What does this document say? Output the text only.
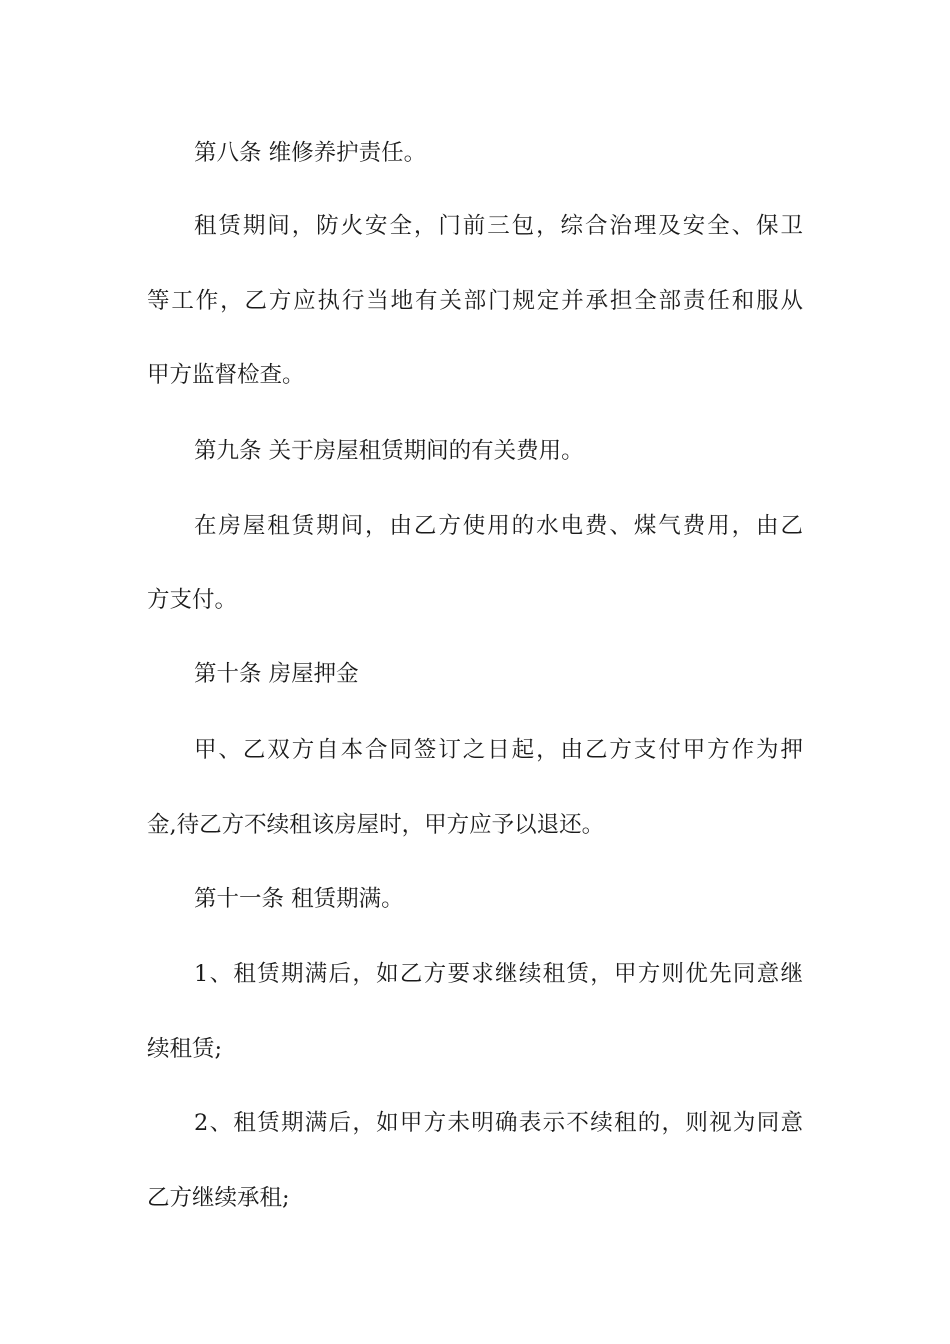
第八条 维修养护责任。
租赁期间，防火安全，门前三包，综合治理及安全、保卫
等工作，乙方应执行当地有关部门规定并承担全部责任和服从
甲方监督检查。
第九条 关于房屋租赁期间的有关费用。
在房屋租赁期间，由乙方使用的水电费、煤气费用，由乙
方支付。
第十条 房屋押金
甲、乙双方自本合同签订之日起，由乙方支付甲方作为押
金,待乙方不续租该房屋时，甲方应予以退还。
第十一条 租赁期满。
1、租赁期满后，如乙方要求继续租赁，甲方则优先同意继
续租赁;
2、租赁期满后，如甲方未明确表示不续租的，则视为同意
乙方继续承租;
